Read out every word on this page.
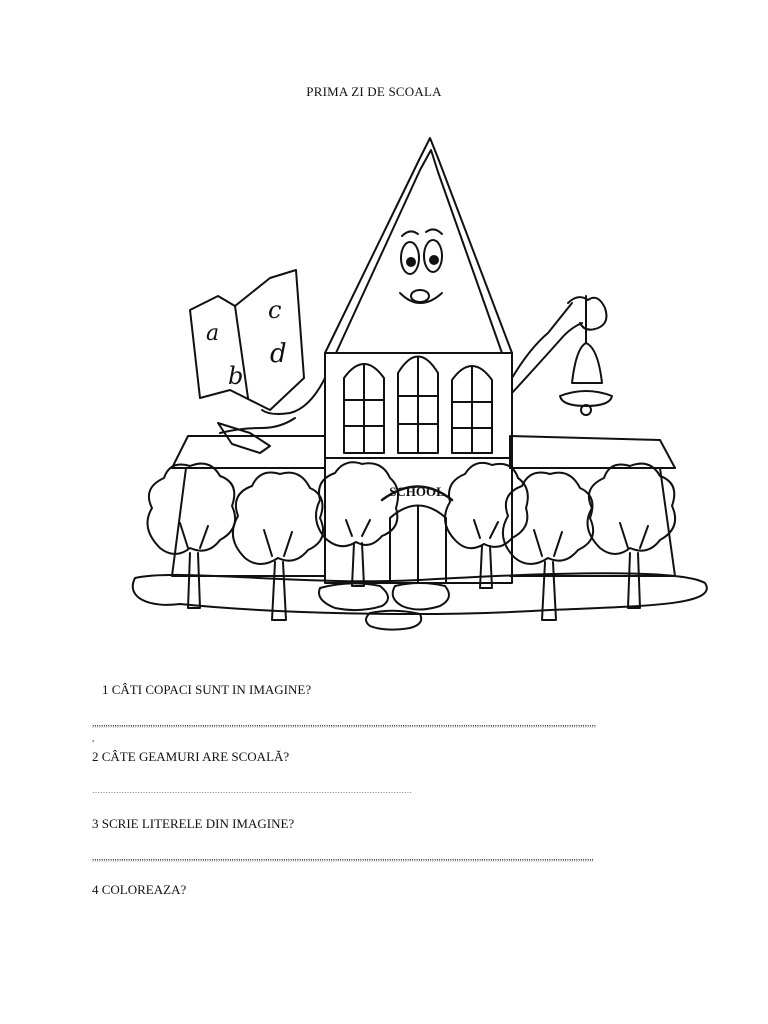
PRIMA ZI DE SCOALA
SCHOOL
a
b
c
d
1 CÂTI COPACI SUNT IN IMAGINE?
,,,,,,,,,,,,,,,,,,,,,,,,,,,,,,,,,,,,,,,,,,,,,,,,,,,,,,,,,,,,,,,,,,,,,,,,,,,,,,,,,,,,,,,,,,,,,,,,,,,,,,,,,,,,,,,,,,,,,,,,,,,,,,,,,,,,,,,,,,,,,,,,,,,,,,,,,,,,,,,,,,,,,,,,,,,,,,,,,,,,,,,,,,,,,,,,,,,,,,,,,,,,,,,,,,,,,,,,,,,,,,,,
,
2 CÂTE GEAMURI ARE SCOALĂ?
…………………………………………………………………………………………………………
3 SCRIE LITERELE DIN IMAGINE?
,,,,,,,,,,,,,,,,,,,,,,,,,,,,,,,,,,,,,,,,,,,,,,,,,,,,,,,,,,,,,,,,,,,,,,,,,,,,,,,,,,,,,,,,,,,,,,,,,,,,,,,,,,,,,,,,,,,,,,,,,,,,,,,,,,,,,,,,,,,,,,,,,,,,,,,,,,,,,,,,,,,,,,,,,,,,,,,,,,,,,,,,,,,,,,,,,,,,,,,,,,,,,,,,,,,,,,,,,,,,,,,
4 COLOREAZA?
